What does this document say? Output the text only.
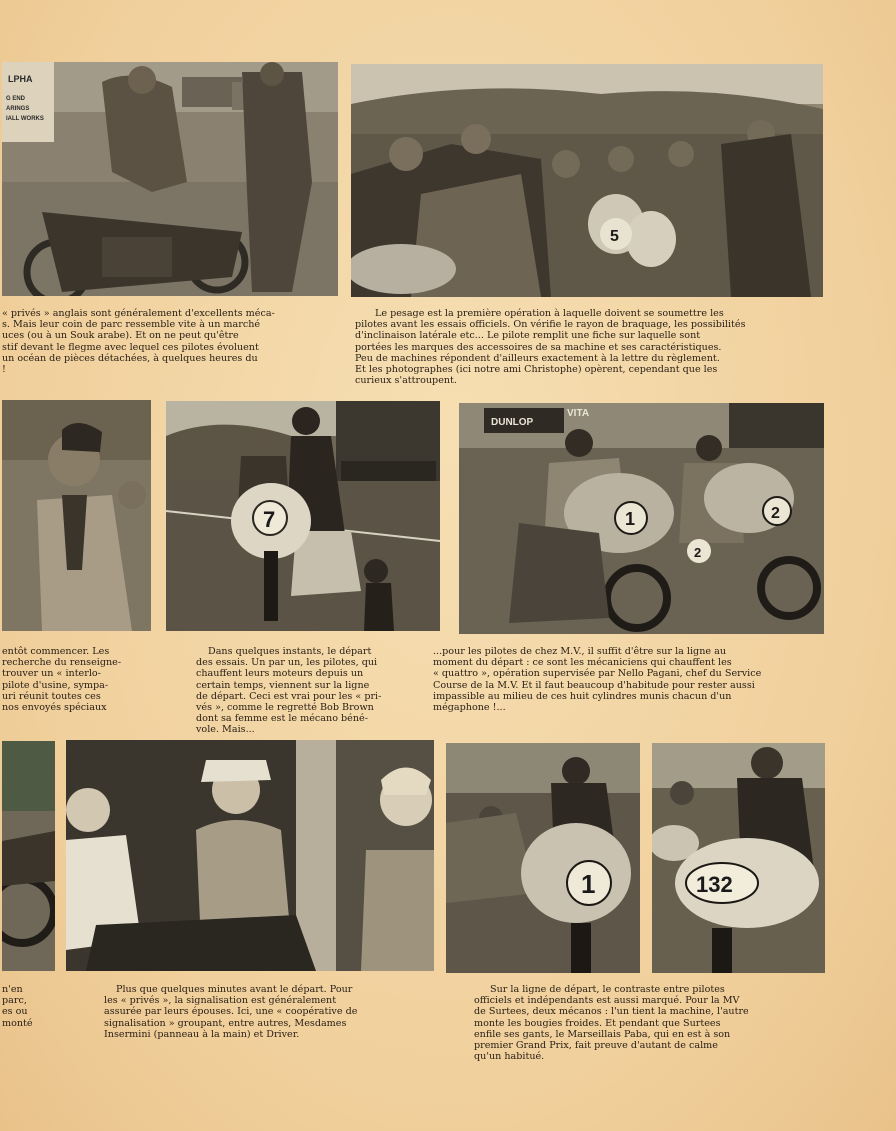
LPHA
G END
ARINGS
IALL WORKS
5

« privés » anglais sont généralement d'excellents méca-

s. Mais leur coin de parc ressemble vite à un marché

uces (ou à un Souk arabe). Et on ne peut qu'être

stif devant le flegme avec lequel ces pilotes évoluent

un océan de pièces détachées, à quelques heures du

!

Le pesage est la première opération à laquelle doivent se soumettre les

pilotes avant les essais officiels. On vérifie le rayon de braquage, les possibilités

d'inclinaison latérale etc... Le pilote remplit une fiche sur laquelle sont

portées les marques des accessoires de sa machine et ses caractéristiques.

Peu de machines répondent d'ailleurs exactement à la lettre du règlement.

Et les photographes (ici notre ami Christophe) opèrent, cependant que les

curieux s'attroupent.

7
DUNLOP
VITA
1	2
2

entôt commencer. Les

recherche du renseigne-

trouver un « interlo-

pilote d'usine, sympa-

uri réunit toutes ces

nos envoyés spéciaux

Dans quelques instants, le départ

des essais. Un par un, les pilotes, qui

chauffent leurs moteurs depuis un

certain temps, viennent sur la ligne

de départ. Ceci est vrai pour les « pri-

vés », comme le regretté Bob Brown

dont sa femme est le mécano béné-

vole. Mais...

...pour les pilotes de chez M.V., il suffit d'être sur la ligne au

moment du départ : ce sont les mécaniciens qui chauffent les

« quattro », opération supervisée par Nello Pagani, chef du Service

Course de la M.V. Et il faut beaucoup d'habitude pour rester aussi

impassible au milieu de ces huit cylindres munis chacun d'un

mégaphone !...

1	132

n'en

parc,

es ou

monté

Plus que quelques minutes avant le départ. Pour

les « privés », la signalisation est généralement

assurée par leurs épouses. Ici, une « coopérative de

signalisation » groupant, entre autres, Mesdames

Insermini (panneau à la main) et Driver.

Sur la ligne de départ, le contraste entre pilotes

officiels et indépendants est aussi marqué. Pour la MV

de Surtees, deux mécanos : l'un tient la machine, l'autre

monte les bougies froides. Et pendant que Surtees

enfile ses gants, le Marseillais Paba, qui en est à son

premier Grand Prix, fait preuve d'autant de calme

qu'un habitué.
